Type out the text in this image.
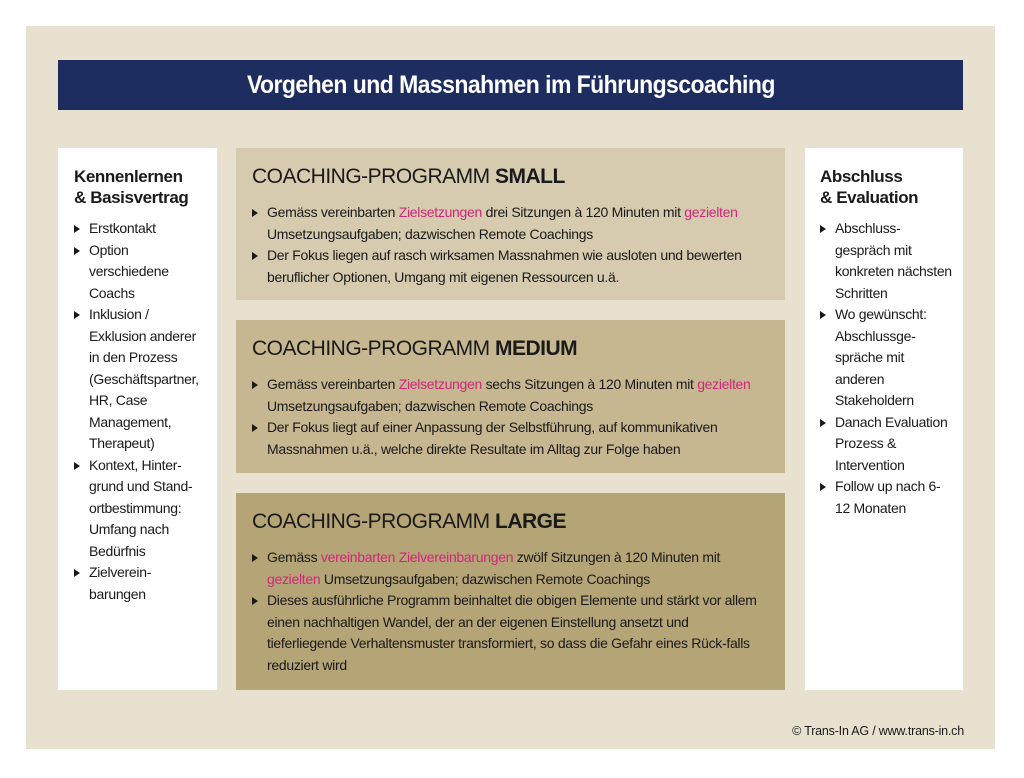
Vorgehen und Massnahmen im Führungscoaching
Kennenlernen
& Basisvertrag
Erstkontakt
Option verschiedene Coachs
Inklusion / Exklusion anderer in den Prozess (Geschäftspartner, HR, Case Management, Therapeut)
Kontext, Hinter-grund und Stand-ortbestimmung: Umfang nach Bedürfnis
Zielverein-barungen
COACHING-PROGRAMM SMALL
Gemäss vereinbarten Zielsetzungen drei Sitzungen à 120 Minuten mit gezielten Umsetzungsaufgaben; dazwischen Remote Coachings
Der Fokus liegen auf rasch wirksamen Massnahmen wie ausloten und bewerten beruflicher Optionen, Umgang mit eigenen Ressourcen u.ä.
COACHING-PROGRAMM MEDIUM
Gemäss vereinbarten Zielsetzungen sechs Sitzungen à 120 Minuten mit gezielten Umsetzungsaufgaben; dazwischen Remote Coachings
Der Fokus liegt auf einer Anpassung der Selbstführung, auf kommunikativen Massnahmen u.ä., welche direkte Resultate im Alltag zur Folge haben
COACHING-PROGRAMM LARGE
Gemäss vereinbarten Zielvereinbarungen zwölf Sitzungen à 120 Minuten mit gezielten Umsetzungsaufgaben; dazwischen Remote Coachings
Dieses ausführliche Programm beinhaltet die obigen Elemente und stärkt vor allem einen nachhaltigen Wandel, der an der eigenen Einstellung ansetzt und tieferliegende Verhaltensmuster transformiert, so dass die Gefahr eines Rück-falls reduziert wird
Abschluss
& Evaluation
Abschluss-gespräch mit konkreten nächsten Schritten
Wo gewünscht: Abschlussge-spräche mit anderen Stakeholdern
Danach Evaluation Prozess & Intervention
Follow up nach 6-12 Monaten
© Trans-In AG / www.trans-in.ch
